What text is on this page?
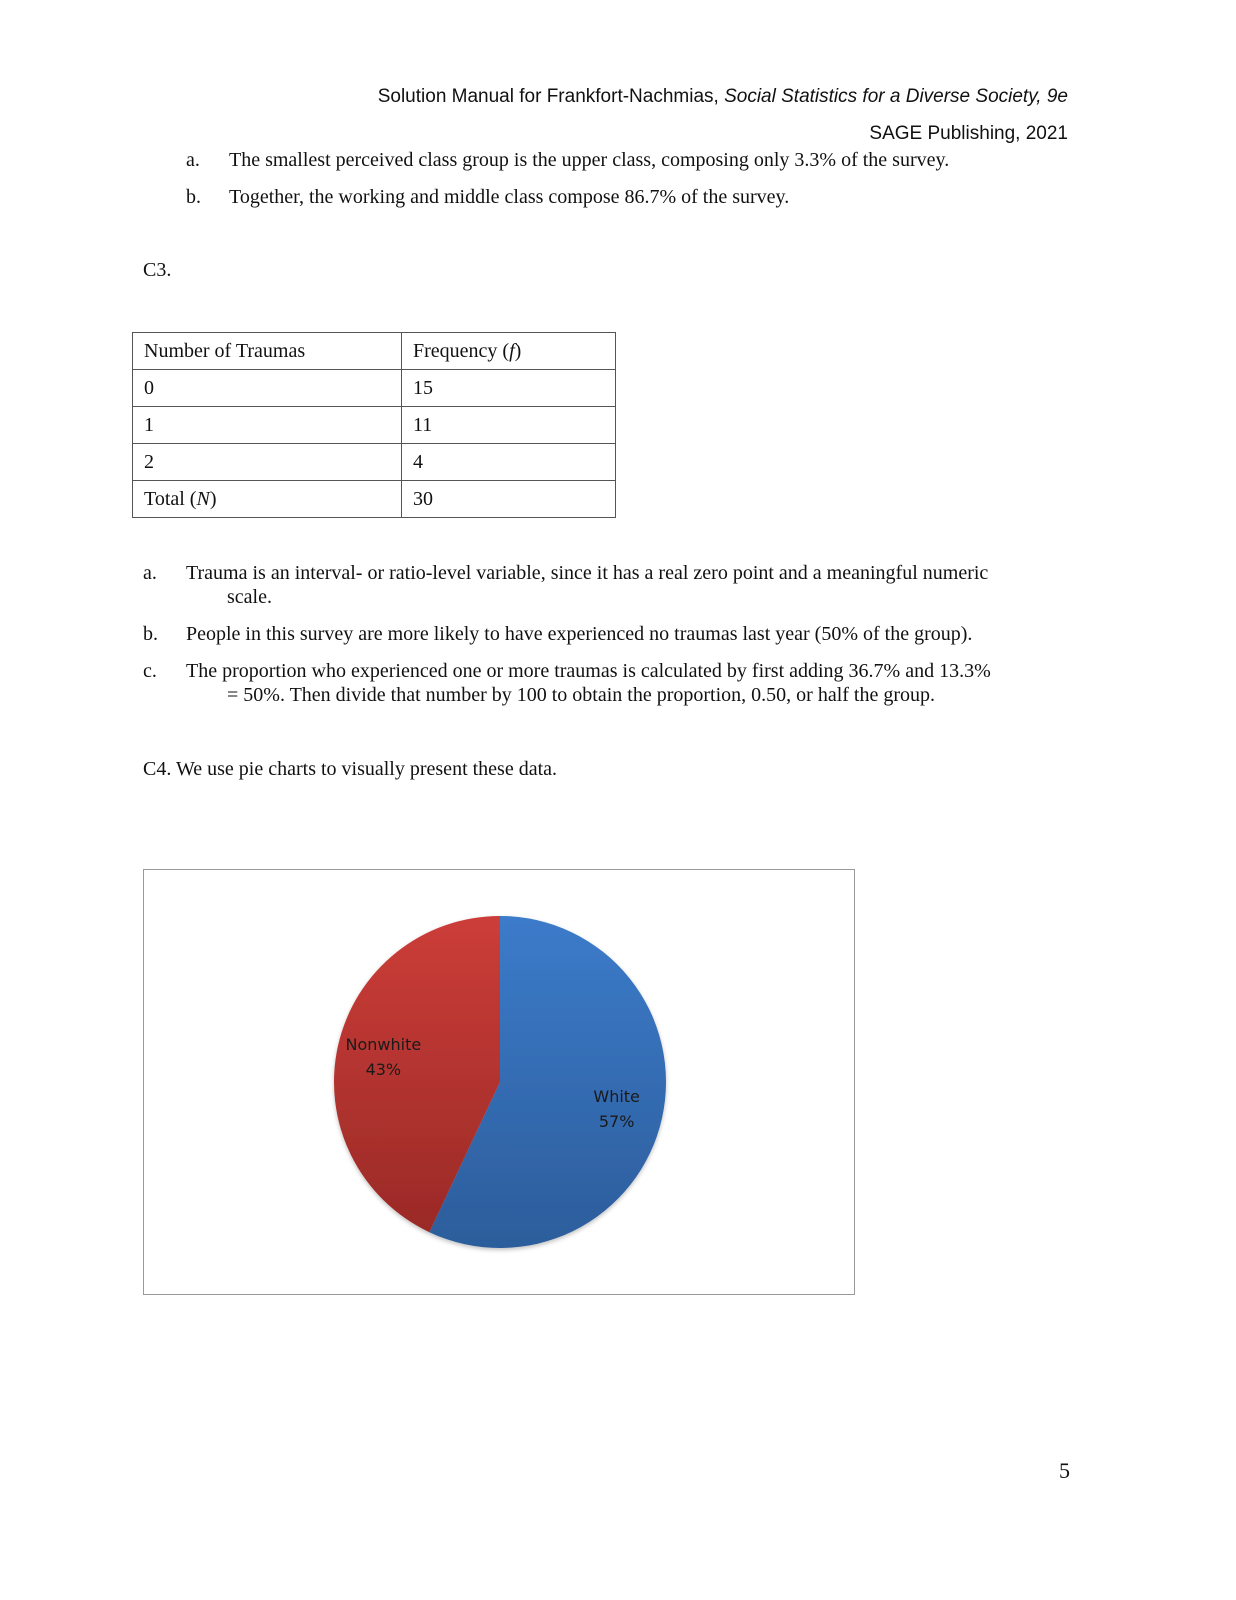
Solution Manual for Frankfort-Nachmias, Social Statistics for a Diverse Society, 9e
SAGE Publishing, 2021
a. The smallest perceived class group is the upper class, composing only 3.3% of the survey.
b. Together, the working and middle class compose 86.7% of the survey.
C3.
Number of Traumas	Frequency (f)
0	15
1	11
2	4
Total (N)	30
a. Trauma is an interval- or ratio-level variable, since it has a real zero point and a meaningful numeric
scale.
b. People in this survey are more likely to have experienced no traumas last year (50% of the group).
c. The proportion who experienced one or more traumas is calculated by first adding 36.7% and 13.3%
= 50%. Then divide that number by 100 to obtain the proportion, 0.50, or half the group.
C4. We use pie charts to visually present these data.
White
57%
Nonwhite
43%
5
